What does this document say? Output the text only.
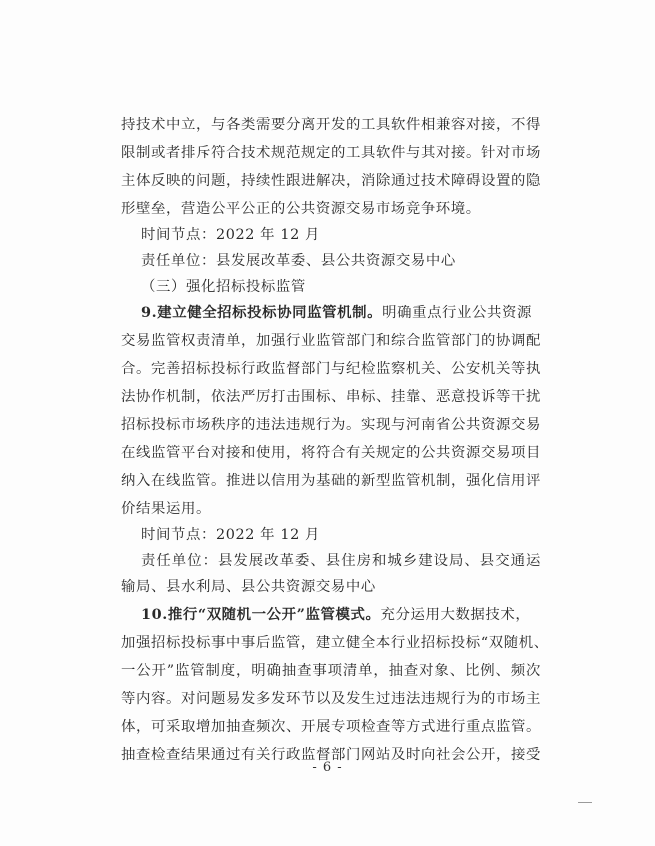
持技术中立，与各类需要分离开发的工具软件相兼容对接，不得
限制或者排斥符合技术规范规定的工具软件与其对接。针对市场
主体反映的问题，持续性跟进解决，消除通过技术障碍设置的隐
形壁垒，营造公平公正的公共资源交易市场竞争环境。
时间节点：2022 年 12 月
责任单位：县发展改革委、县公共资源交易中心
（三）强化招标投标监管
9.建立健全招标投标协同监管机制。明确重点行业公共资源
交易监管权责清单，加强行业监管部门和综合监管部门的协调配
合。完善招标投标行政监督部门与纪检监察机关、公安机关等执
法协作机制，依法严厉打击围标、串标、挂靠、恶意投诉等干扰
招标投标市场秩序的违法违规行为。实现与河南省公共资源交易
在线监管平台对接和使用，将符合有关规定的公共资源交易项目
纳入在线监管。推进以信用为基础的新型监管机制，强化信用评
价结果运用。
时间节点：2022 年 12 月
责任单位：县发展改革委、县住房和城乡建设局、县交通运
输局、县水利局、县公共资源交易中心
10.推行“双随机一公开”监管模式。充分运用大数据技术，
加强招标投标事中事后监管，建立健全本行业招标投标“双随机、
一公开”监管制度，明确抽查事项清单，抽查对象、比例、频次
等内容。对问题易发多发环节以及发生过违法违规行为的市场主
体，可采取增加抽查频次、开展专项检查等方式进行重点监管。
抽查检查结果通过有关行政监督部门网站及时向社会公开，接受
- 6 -
